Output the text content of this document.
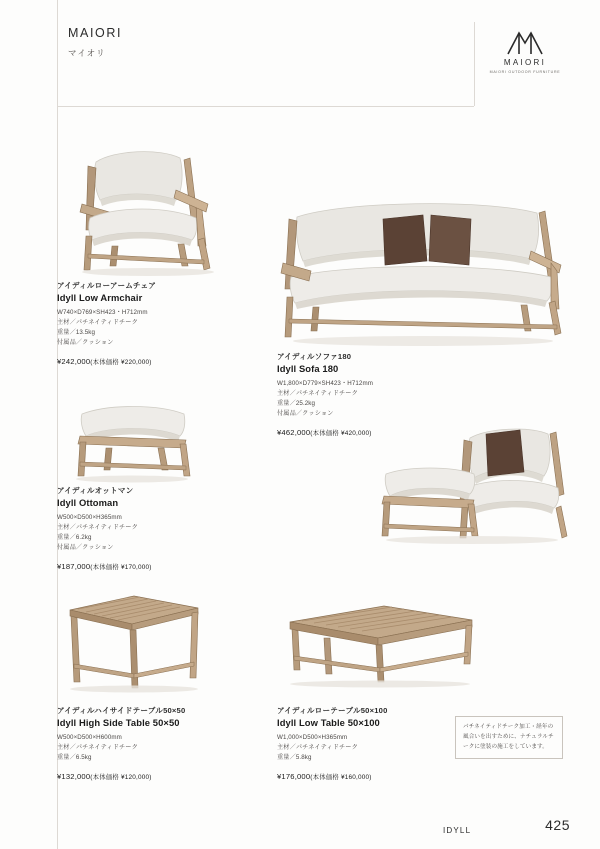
MAIORI
マイオリ
MAIORI
MAIORI OUTDOOR FURNITURE
アイディルローアームチェア
Idyll Low Armchair
W740×D769×SH423・H712mm
主材／パチネイティドチーク
重量／13.5kg
付属品／クッション
¥242,000(本体価格 ¥220,000)
アイディルソファ180
Idyll Sofa 180
W1,800×D779×SH423・H712mm
主材／パチネイティドチーク
重量／25.2kg
付属品／クッション
¥462,000(本体価格 ¥420,000)
アイディルオットマン
Idyll Ottoman
W500×D500×H365mm
主材／パチネイティドチーク
重量／6.2kg
付属品／クッション
¥187,000(本体価格 ¥170,000)
アイディルハイサイドテーブル50×50
Idyll High Side Table 50×50
W500×D500×H600mm
主材／パチネイティドチーク
重量／6.5kg
¥132,000(本体価格 ¥120,000)
アイディルローテーブル50×100
Idyll Low Table 50×100
W1,000×D500×H365mm
主材／パチネイティドチーク
重量／5.8kg
¥176,000(本体価格 ¥160,000)
パチネイティドチーク加工・経年の風合いを出すために、ナチュラルチークに塗装の施工をしています。
IDYLL	425
